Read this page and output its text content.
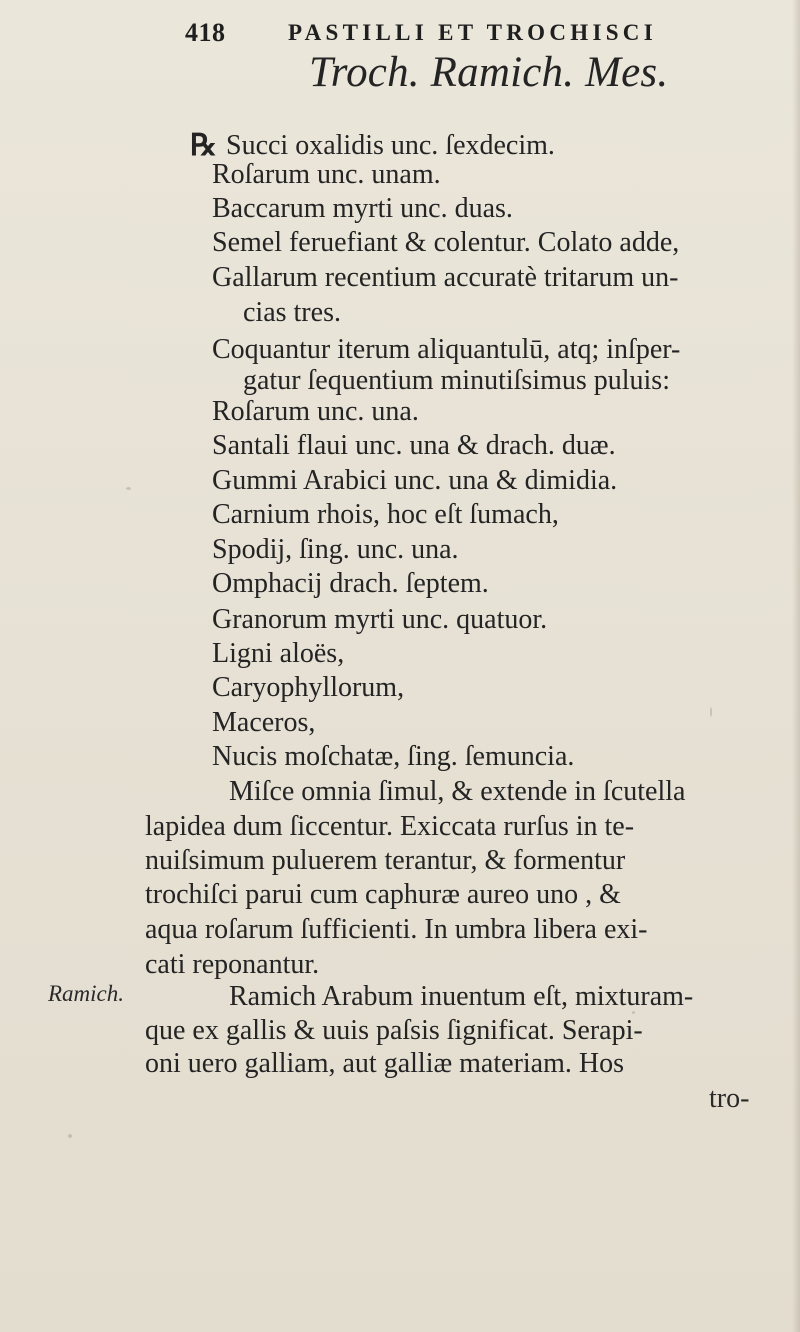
418	PASTILLI ET TROCHISCI
Troch. Ramich. Mes.
℞ Succi oxalidis unc. ſexdecim.
Roſarum unc. unam.
Baccarum myrti unc. duas.
Semel feruefiant & colentur. Colato adde,
Gallarum recentium accuratè tritarum un-
cias tres.
Coquantur iterum aliquantulū, atq; inſper-
gatur ſequentium minutiſsimus puluis:
Roſarum unc. una.
Santali flaui unc. una & drach. duæ.
Gummi Arabici unc. una & dimidia.
Carnium rhois, hoc eſt ſumach,
Spodij, ſing. unc. una.
Omphacij drach. ſeptem.
Granorum myrti unc. quatuor.
Ligni aloës,
Caryophyllorum,
Maceros,
Nucis moſchatæ, ſing. ſemuncia.
Miſce omnia ſimul, & extende in ſcutella
lapidea dum ſiccentur. Exiccata rurſus in te-
nuiſsimum puluerem terantur, & formentur
trochiſci parui cum caphuræ aureo uno , &
aqua roſarum ſufficienti. In umbra libera exi-
cati reponantur.
Ramich.	Ramich Arabum inuentum eſt, mixturam-
que ex gallis & uuis paſsis ſignificat. Serapi-
oni uero galliam, aut galliæ materiam. Hos
tro-
